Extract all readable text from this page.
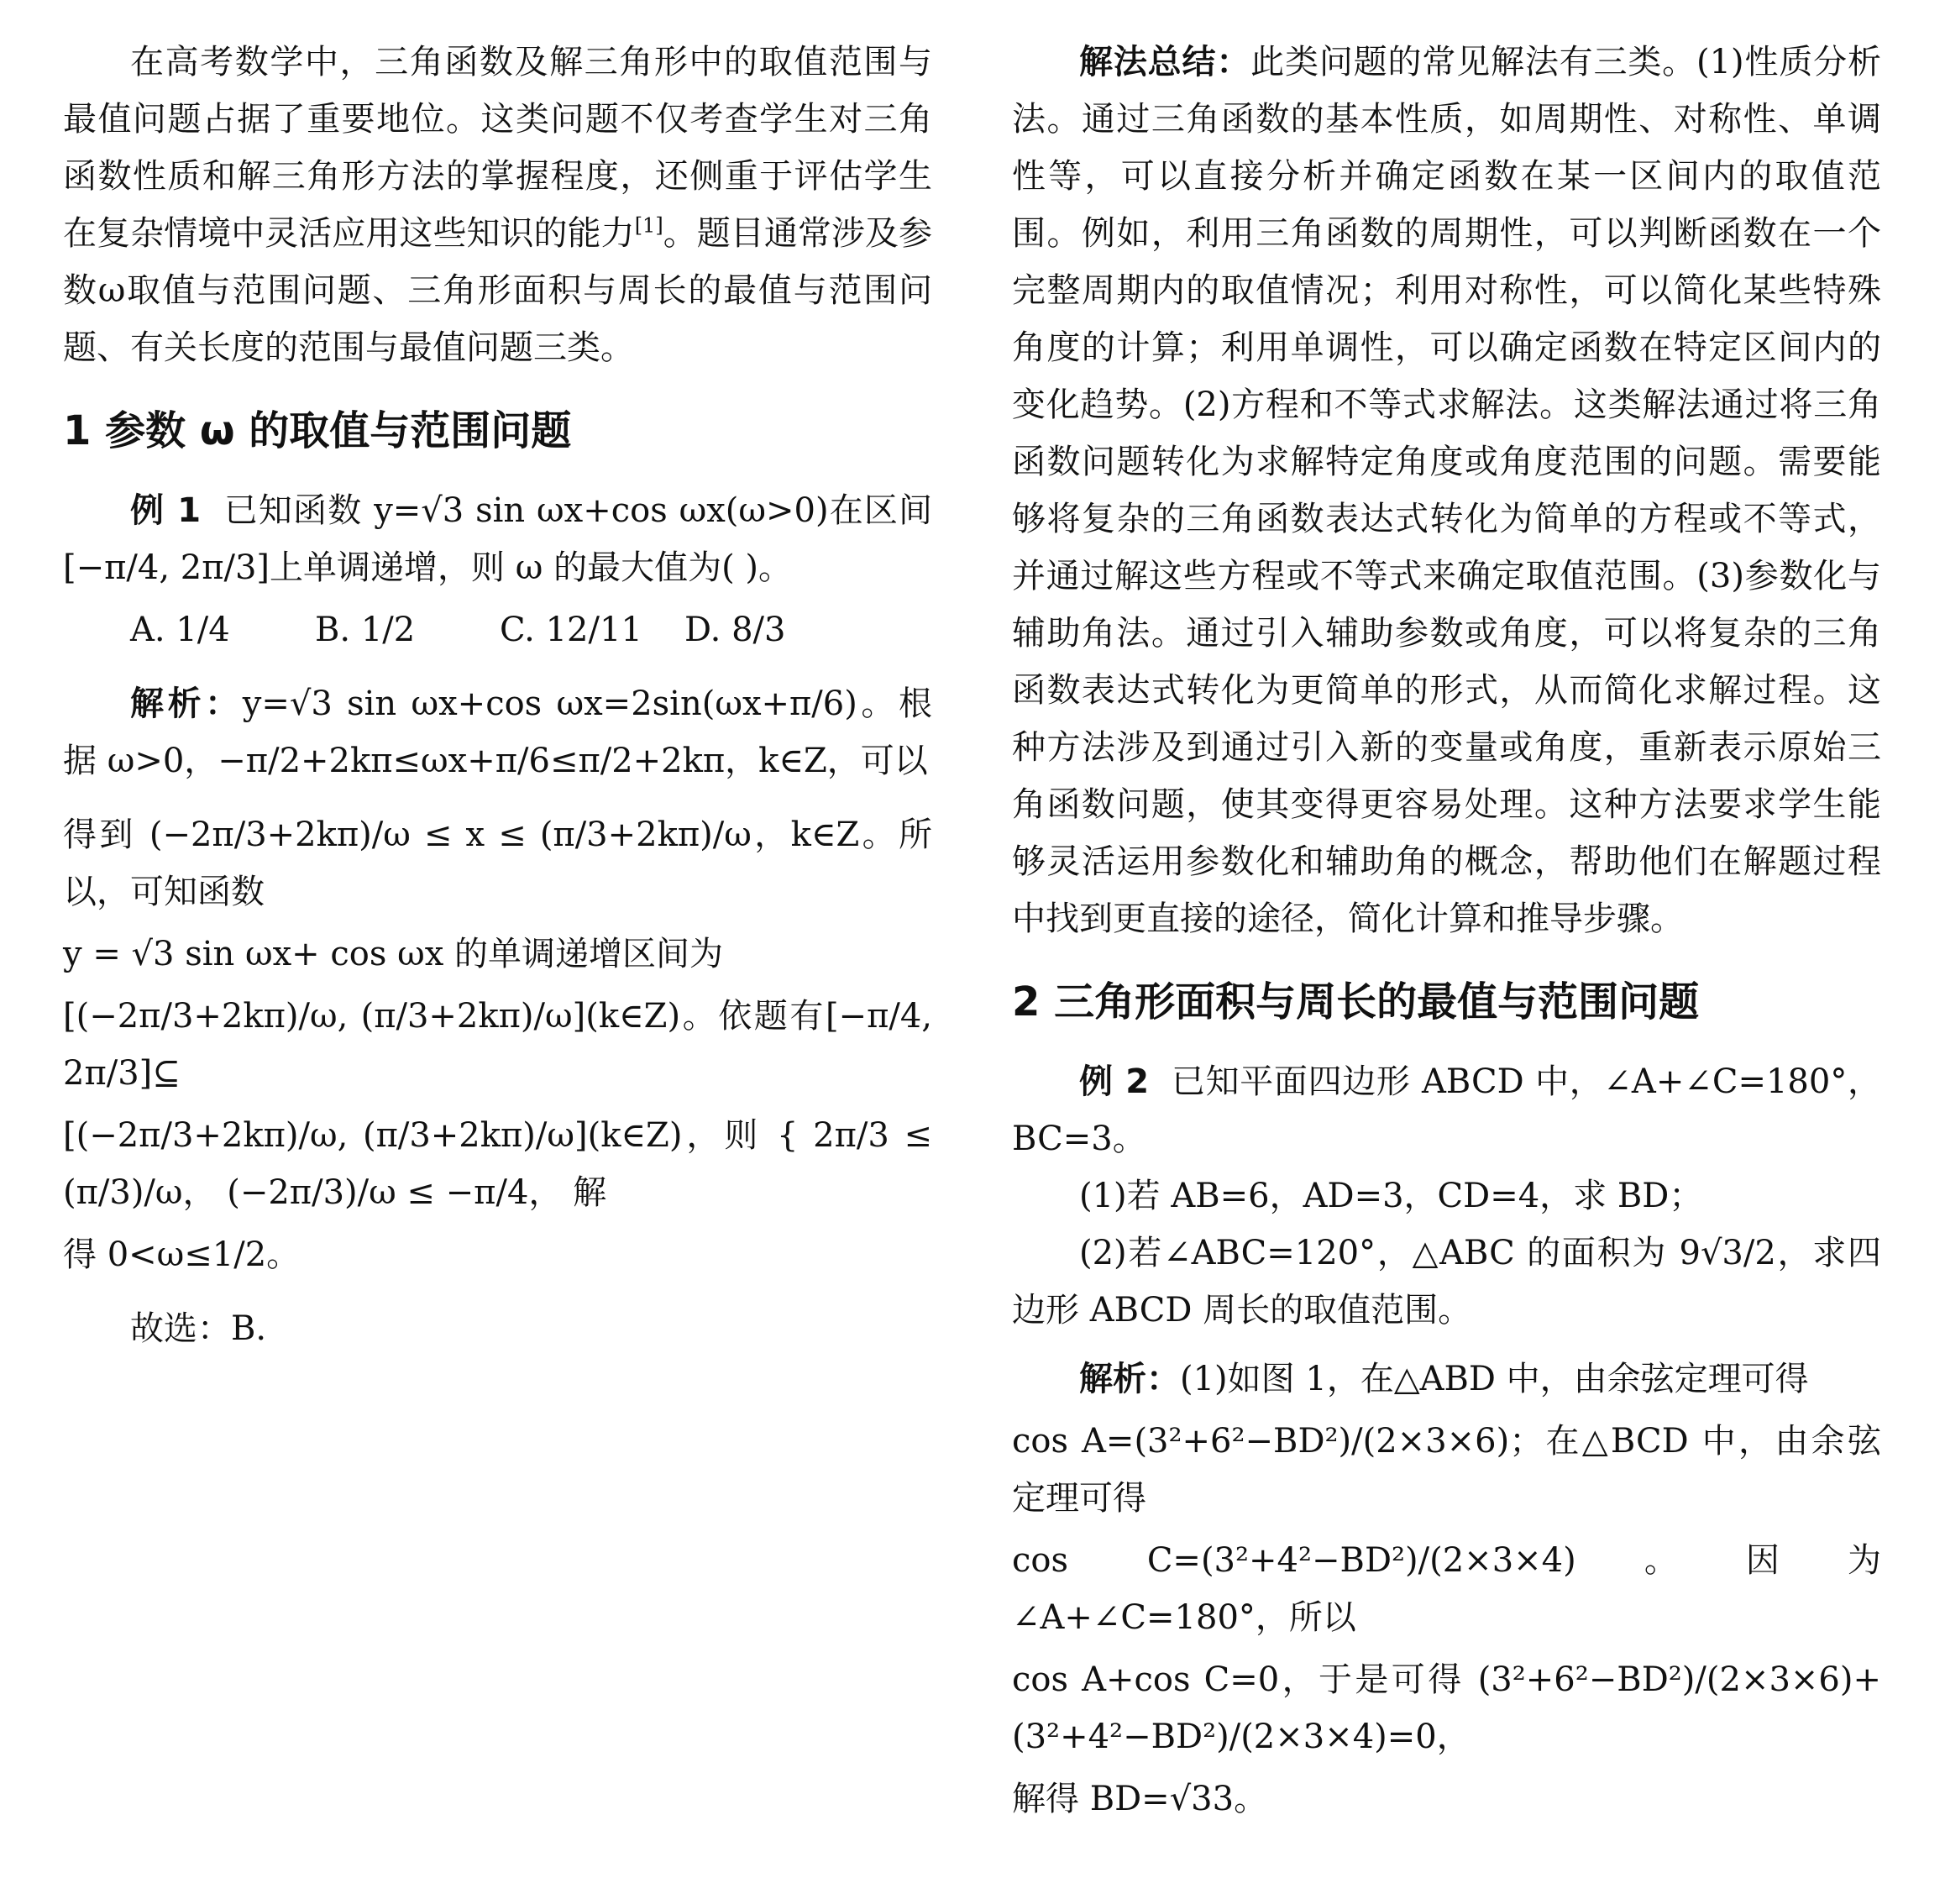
在高考数学中，三角函数及解三角形中的取值范围与最值问题占据了重要地位。这类问题不仅考查学生对三角函数性质和解三角形方法的掌握程度，还侧重于评估学生在复杂情境中灵活应用这些知识的能力[1]。题目通常涉及参数ω取值与范围问题、三角形面积与周长的最值与范围问题、有关长度的范围与最值问题三类。

1 参数 ω 的取值与范围问题

例 1 已知函数 y=√3 sin ωx+cos ωx(ω>0)在区间[−π/4, 2π/3]上单调递增，则 ω 的最大值为( )。

A. 1/4	B. 1/2	C. 12/11	D. 8/3

解析：y=√3 sin ωx+cos ωx=2sin(ωx+π/6)。根据 ω>0，−π/2+2kπ≤ωx+π/6≤π/2+2kπ，k∈Z，可以

得到 (−2π/3+2kπ)/ω ≤ x ≤ (π/3+2kπ)/ω，k∈Z。所以，可知函数

y = √3 sin ωx+ cos ωx 的单调递增区间为

[(−2π/3+2kπ)/ω, (π/3+2kπ)/ω](k∈Z)。依题有[−π/4, 2π/3]⊆

[(−2π/3+2kπ)/ω, (π/3+2kπ)/ω](k∈Z)，则 { 2π/3 ≤ (π/3)/ω， (−2π/3)/ω ≤ −π/4， 解

得 0<ω≤1/2。

故选：B.

解法总结：此类问题的常见解法有三类。(1)性质分析法。通过三角函数的基本性质，如周期性、对称性、单调性等，可以直接分析并确定函数在某一区间内的取值范围。例如，利用三角函数的周期性，可以判断函数在一个完整周期内的取值情况；利用对称性，可以简化某些特殊角度的计算；利用单调性，可以确定函数在特定区间内的变化趋势。(2)方程和不等式求解法。这类解法通过将三角函数问题转化为求解特定角度或角度范围的问题。需要能够将复杂的三角函数表达式转化为简单的方程或不等式，并通过解这些方程或不等式来确定取值范围。(3)参数化与辅助角法。通过引入辅助参数或角度，可以将复杂的三角函数表达式转化为更简单的形式，从而简化求解过程。这种方法涉及到通过引入新的变量或角度，重新表示原始三角函数问题，使其变得更容易处理。这种方法要求学生能够灵活运用参数化和辅助角的概念，帮助他们在解题过程中找到更直接的途径，简化计算和推导步骤。

2 三角形面积与周长的最值与范围问题

例 2 已知平面四边形 ABCD 中，∠A+∠C=180°，BC=3。

(1)若 AB=6，AD=3，CD=4，求 BD；

(2)若∠ABC=120°，△ABC 的面积为 9√3/2，求四边形 ABCD 周长的取值范围。

解析：(1)如图 1，在△ABD 中，由余弦定理可得

cos A=(3²+6²−BD²)/(2×3×6)；在△BCD 中，由余弦定理可得

cos C=(3²+4²−BD²)/(2×3×4)。因为∠A+∠C=180°，所以

cos A+cos C=0，于是可得 (3²+6²−BD²)/(2×3×6)+(3²+4²−BD²)/(2×3×4)=0，

解得 BD=√33。
